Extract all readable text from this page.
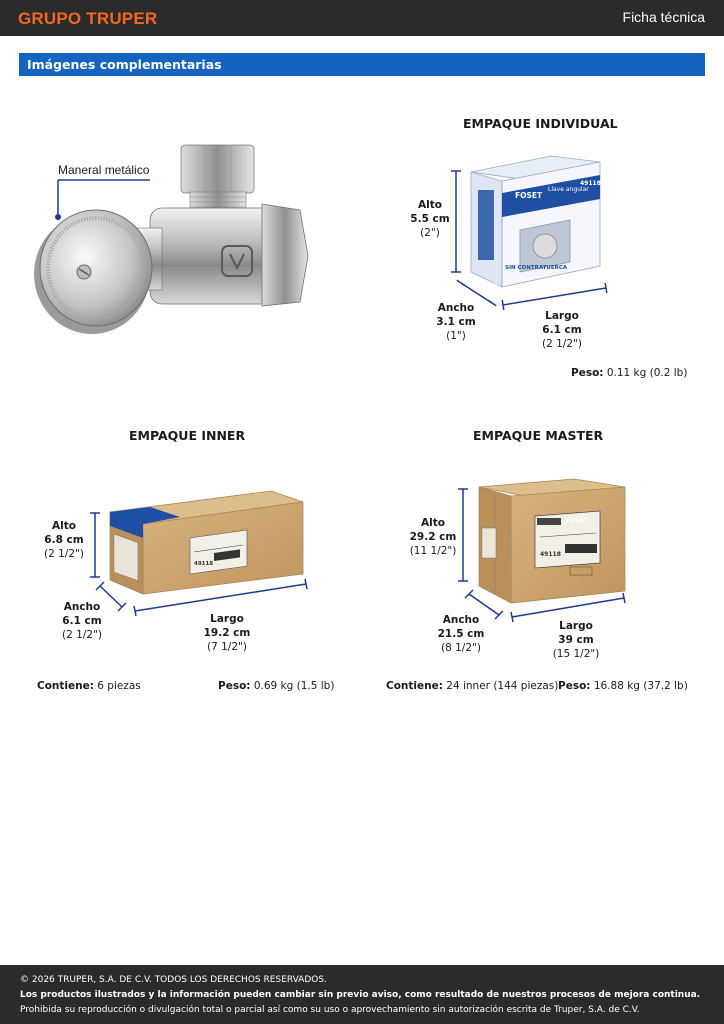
GRUPO TRUPER	Ficha técnica
Imágenes complementarias
FOSET
Llave angular
49118
SIN CONTRATUERCA
49118
FOSET
49118
Maneral metálico
EMPAQUE INDIVIDUAL
Alto
5.5 cm
(2")
Ancho
3.1 cm
(1")
Largo
6.1 cm
(2 1/2")
Peso: 0.11 kg (0.2 lb)
EMPAQUE INNER
Alto
6.8 cm
(2 1/2")
Ancho
6.1 cm
(2 1/2")
Largo
19.2 cm
(7 1/2")
Contiene: 6 piezas	Peso: 0.69 kg (1.5 lb)
EMPAQUE MASTER
Alto
29.2 cm
(11 1/2")
Ancho
21.5 cm
(8 1/2")
Largo
39 cm
(15 1/2")
Contiene: 24 inner (144 piezas) Peso: 16.88 kg (37.2 lb)
© 2026 TRUPER, S.A. DE C.V. TODOS LOS DERECHOS RESERVADOS.
Los productos ilustrados y la información pueden cambiar sin previo aviso, como resultado de nuestros procesos de mejora continua.
Prohibida su reproducción o divulgación total o parcial así como su uso o aprovechamiento sin autorización escrita de Truper, S.A. de C.V.
